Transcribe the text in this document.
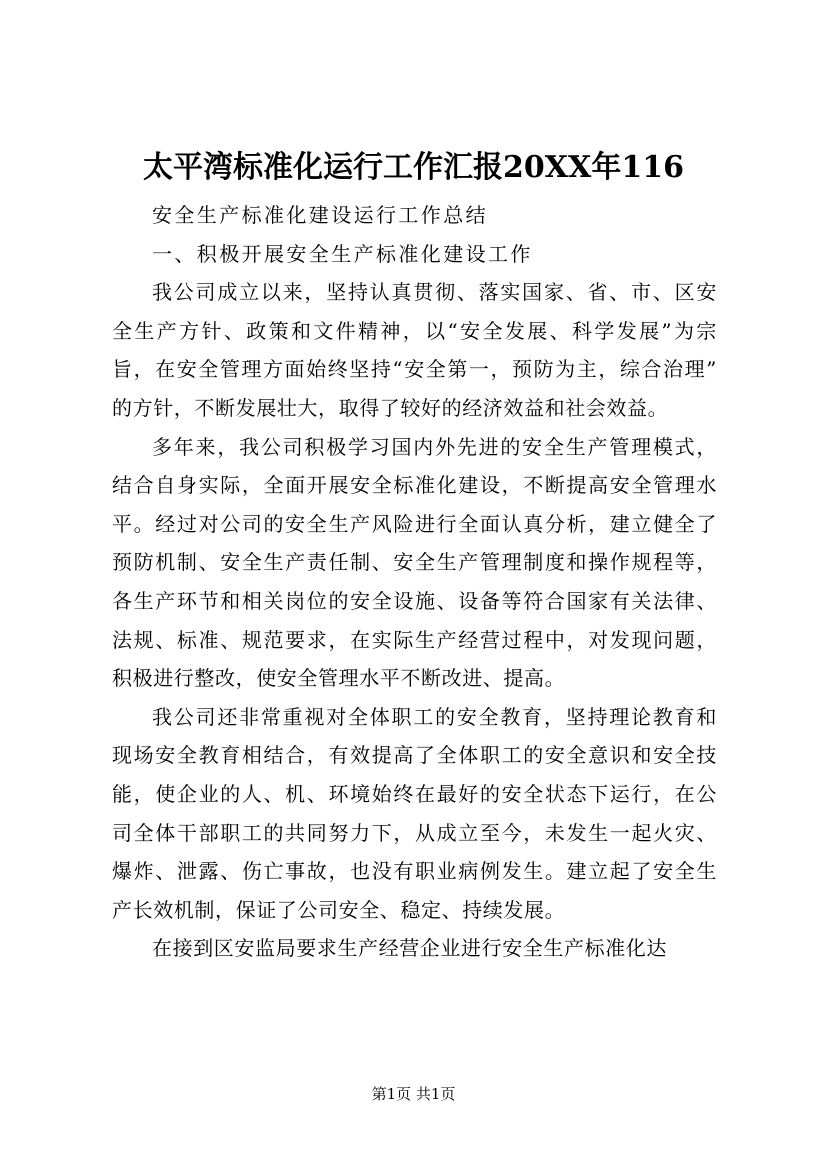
太平湾标准化运行工作汇报20XX年116

安全生产标准化建设运行工作总结

一、积极开展安全生产标准化建设工作

我公司成立以来，坚持认真贯彻、落实国家、省、市、区安
全生产方针、政策和文件精神，以“安全发展、科学发展”为宗
旨，在安全管理方面始终坚持“安全第一，预防为主，综合治理”
的方针，不断发展壮大，取得了较好的经济效益和社会效益。

多年来，我公司积极学习国内外先进的安全生产管理模式，
结合自身实际，全面开展安全标准化建设，不断提高安全管理水
平。经过对公司的安全生产风险进行全面认真分析，建立健全了
预防机制、安全生产责任制、安全生产管理制度和操作规程等，
各生产环节和相关岗位的安全设施、设备等符合国家有关法律、
法规、标准、规范要求，在实际生产经营过程中，对发现问题，
积极进行整改，使安全管理水平不断改进、提高。

我公司还非常重视对全体职工的安全教育，坚持理论教育和
现场安全教育相结合，有效提高了全体职工的安全意识和安全技
能，使企业的人、机、环境始终在最好的安全状态下运行，在公
司全体干部职工的共同努力下，从成立至今，未发生一起火灾、
爆炸、泄露、伤亡事故，也没有职业病例发生。建立起了安全生
产长效机制，保证了公司安全、稳定、持续发展。

在接到区安监局要求生产经营企业进行安全生产标准化达

第1页 共1页
